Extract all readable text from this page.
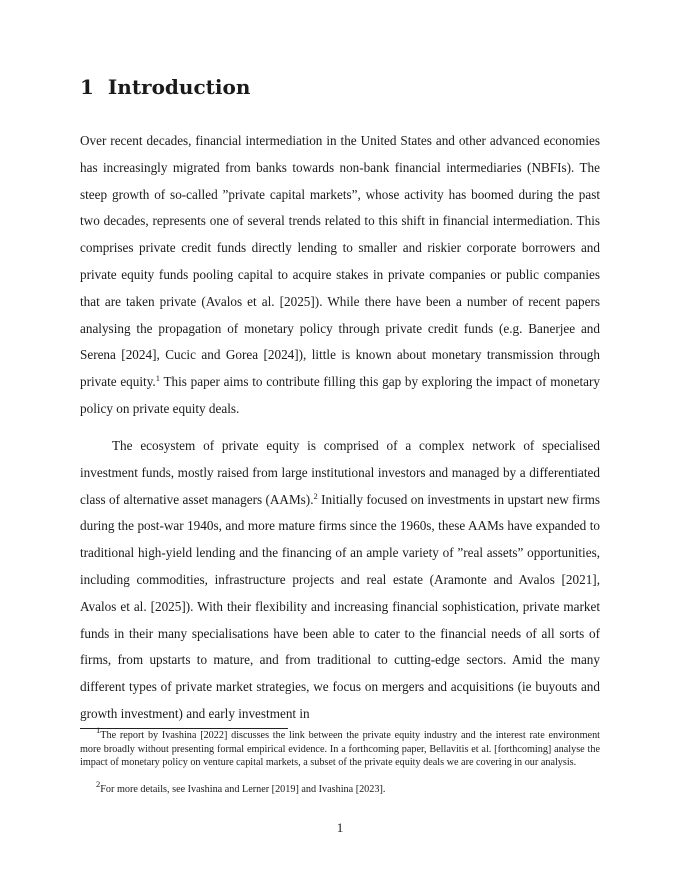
1 Introduction

Over recent decades, financial intermediation in the United States and other advanced economies has increasingly migrated from banks towards non-bank financial intermediaries (NBFIs). The steep growth of so-called ”private capital markets”, whose activity has boomed during the past two decades, represents one of several trends related to this shift in financial intermediation. This comprises private credit funds directly lending to smaller and riskier corporate borrowers and private equity funds pooling capital to acquire stakes in private companies or public companies that are taken private (Avalos et al. [2025]). While there have been a number of recent papers analysing the propagation of monetary policy through private credit funds (e.g. Banerjee and Serena [2024], Cucic and Gorea [2024]), little is known about monetary transmission through private equity.$^1$ This paper aims to contribute filling this gap by exploring the impact of monetary policy on private equity deals.

The ecosystem of private equity is comprised of a complex network of specialised investment funds, mostly raised from large institutional investors and managed by a differentiated class of alternative asset managers (AAMs).$^2$ Initially focused on investments in upstart new firms during the post-war 1940s, and more mature firms since the 1960s, these AAMs have expanded to traditional high-yield lending and the financing of an ample variety of ”real assets” opportunities, including commodities, infrastructure projects and real estate (Aramonte and Avalos [2021], Avalos et al. [2025]). With their flexibility and increasing financial sophistication, private market funds in their many specialisations have been able to cater to the financial needs of all sorts of firms, from upstarts to mature, and from traditional to cutting-edge sectors. Amid the many different types of private market strategies, we focus on mergers and acquisitions (ie buyouts and growth investment) and early investment in

$^1$The report by Ivashina [2022] discusses the link between the private equity industry and the interest rate environment more broadly without presenting formal empirical evidence. In a forthcoming paper, Bellavitis et al. [forthcoming] analyse the impact of monetary policy on venture capital markets, a subset of the private equity deals we are covering in our analysis.

$^2$For more details, see Ivashina and Lerner [2019] and Ivashina [2023].

1
